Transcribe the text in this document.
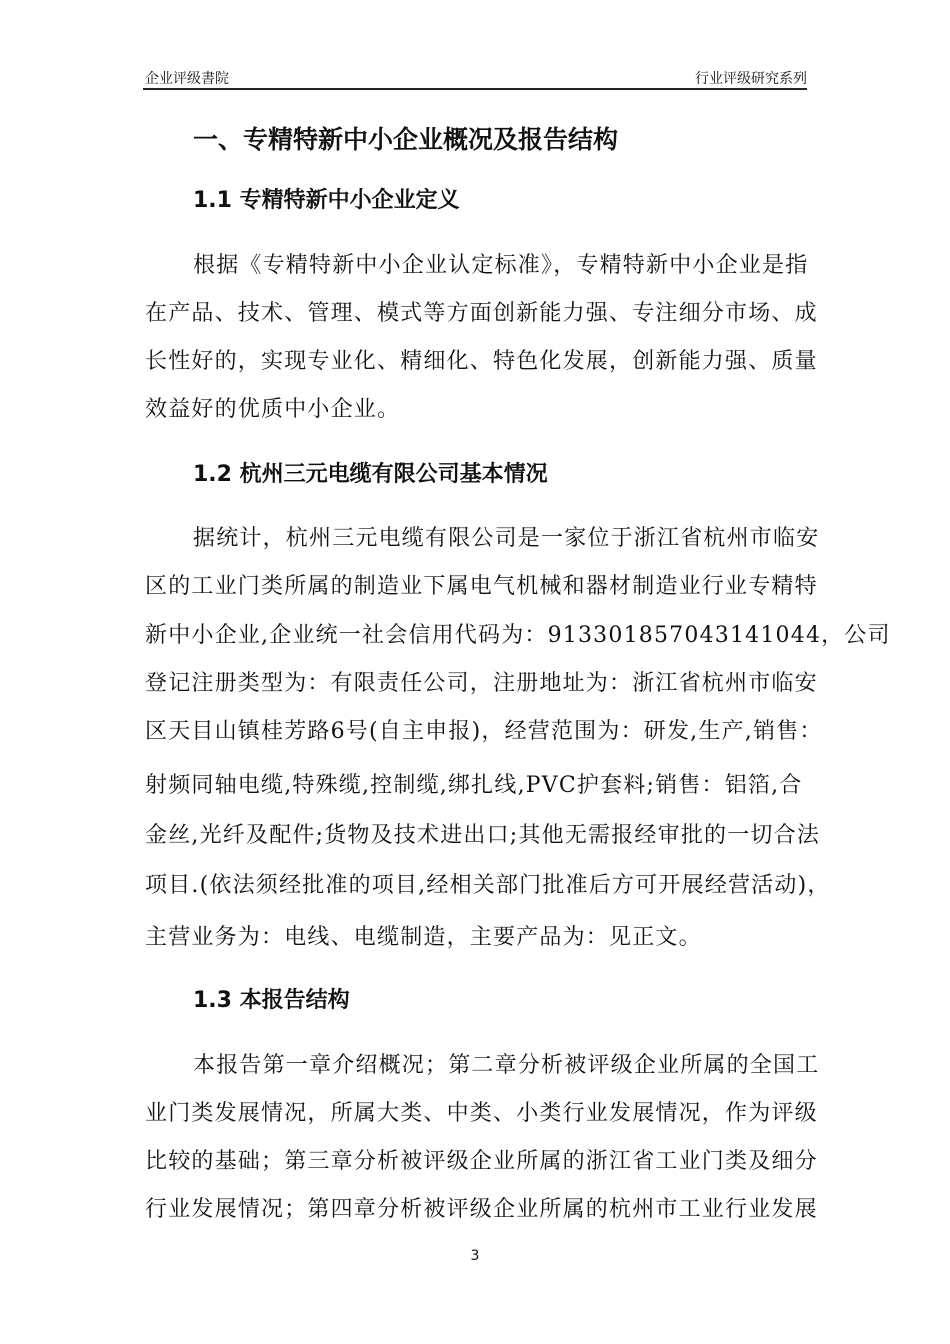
企业评级書院	行业评级研究系列
一、专精特新中小企业概况及报告结构
1.1 专精特新中小企业定义
根据《专精特新中小企业认定标准》，专精特新中小企业是指
在产品、技术、管理、模式等方面创新能力强、专注细分市场、成
长性好的，实现专业化、精细化、特色化发展，创新能力强、质量
效益好的优质中小企业。
1.2 杭州三元电缆有限公司基本情况
据统计，杭州三元电缆有限公司是一家位于浙江省杭州市临安
区的工业门类所属的制造业下属电气机械和器材制造业行业专精特
新中小企业,企业统一社会信用代码为：913301857043141044，公司
登记注册类型为：有限责任公司，注册地址为：浙江省杭州市临安
区天目山镇桂芳路6号(自主申报)，经营范围为：研发,生产,销售：
射频同轴电缆,特殊缆,控制缆,绑扎线,PVC护套料;销售：铝箔,合
金丝,光纤及配件;货物及技术进出口;其他无需报经审批的一切合法
项目.(依法须经批准的项目,经相关部门批准后方可开展经营活动)，
主营业务为：电线、电缆制造，主要产品为：见正文。
1.3 本报告结构
本报告第一章介绍概况；第二章分析被评级企业所属的全国工
业门类发展情况，所属大类、中类、小类行业发展情况，作为评级
比较的基础；第三章分析被评级企业所属的浙江省工业门类及细分
行业发展情况；第四章分析被评级企业所属的杭州市工业行业发展
3
